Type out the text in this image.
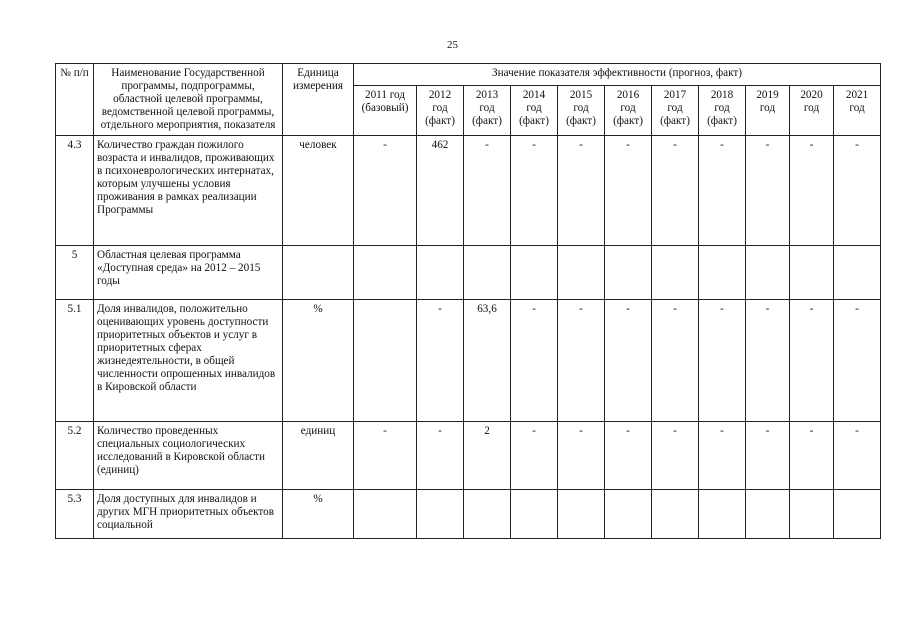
25
№ п/п	Наименование Государственной программы, подпрограммы, областной целевой программы, ведомственной целевой программы, отдельного мероприятия, показателя	Единица измерения	Значение показателя эффективности (прогноз, факт)										
			2011 год (базовый)	2012 год (факт)	2013 год (факт)	2014 год (факт)	2015 год (факт)	2016 год (факт)	2017 год (факт)	2018 год (факт)	2019 год	2020 год	2021 год
4.3	Количество граждан пожилого возраста и инвалидов, проживающих в психоневрологических интернатах, которым улучшены условия проживания в рамках реализации Программы	человек	-	462	-	-	-	-	-	-	-	-	-
5	Областная целевая программа «Доступная среда» на 2012 – 2015 годы												
5.1	Доля инвалидов, положительно оценивающих уровень доступности приоритетных объектов и услуг в приоритетных сферах жизнедеятельности, в общей численности опрошенных инвалидов в Кировской области	%		-	63,6	-	-	-	-	-	-	-	-
5.2	Количество проведенных специальных социологических исследований в Кировской области (единиц)	единиц	-	-	2	-	-	-	-	-	-	-	-
5.3	Доля доступных для инвалидов и других МГН приоритетных объектов социальной	%											
